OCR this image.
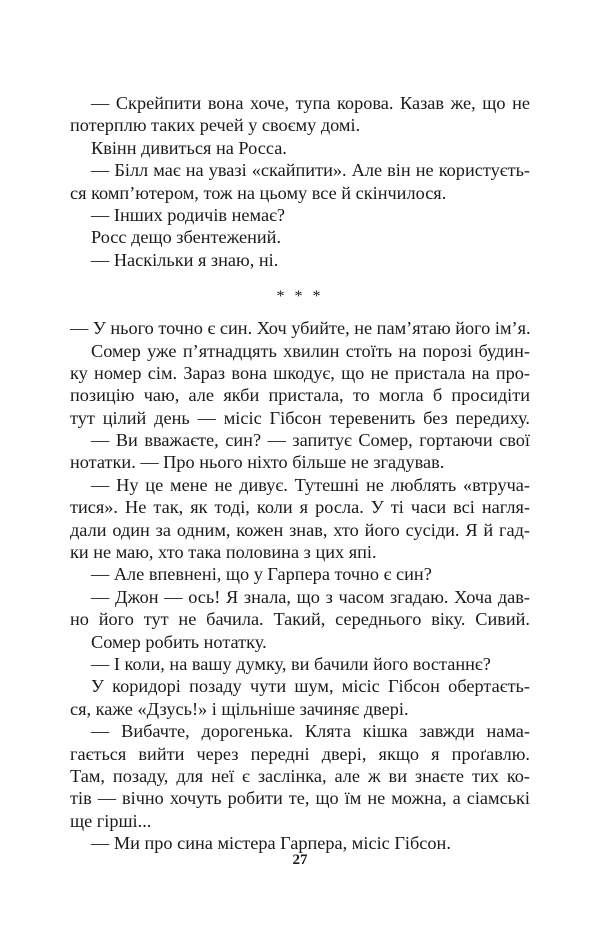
— Скрейпити вона хоче, тупа корова. Казав же, що не
потерплю таких речей у своєму домі.
Квінн дивиться на Росса.
— Білл має на увазі «скайпити». Але він не користуєть-
ся комп’ютером, тож на цьому все й скінчилося.
— Інших родичів немає?
Росс дещо збентежений.
— Наскільки я знаю, ні.
* * *
— У нього точно є син. Хоч убийте, не пам’ятаю його ім’я.
Сомер уже п’ятнадцять хвилин стоїть на порозі будин-
ку номер сім. Зараз вона шкодує, що не пристала на про-
позицію чаю, але якби пристала, то могла б просидіти
тут цілий день — місіс Гібсон теревенить без передиху.
— Ви вважаєте, син? — запитує Сомер, гортаючи свої
нотатки. — Про нього ніхто більше не згадував.
— Ну це мене не дивує. Тутешні не люблять «втруча-
тися». Не так, як тоді, коли я росла. У ті часи всі нагля-
дали один за одним, кожен знав, хто його сусіди. Я й гад-
ки не маю, хто така половина з цих япі.
— Але впевнені, що у Гарпера точно є син?
— Джон — ось! Я знала, що з часом згадаю. Хоча дав-
но його тут не бачила. Такий, середнього віку. Сивий.
Сомер робить нотатку.
— І коли, на вашу думку, ви бачили його востаннє?
У коридорі позаду чути шум, місіс Гібсон обертаєть-
ся, каже «Дзусь!» і щільніше зачиняє двері.
— Вибачте, дорогенька. Клята кішка завжди нама-
гається вийти через передні двері, якщо я проґавлю.
Там, позаду, для неї є заслінка, але ж ви знаєте тих ко-
тів — вічно хочуть робити те, що їм не можна, а сіамські
ще гірші...
— Ми про сина містера Гарпера, місіс Гібсон.
27
